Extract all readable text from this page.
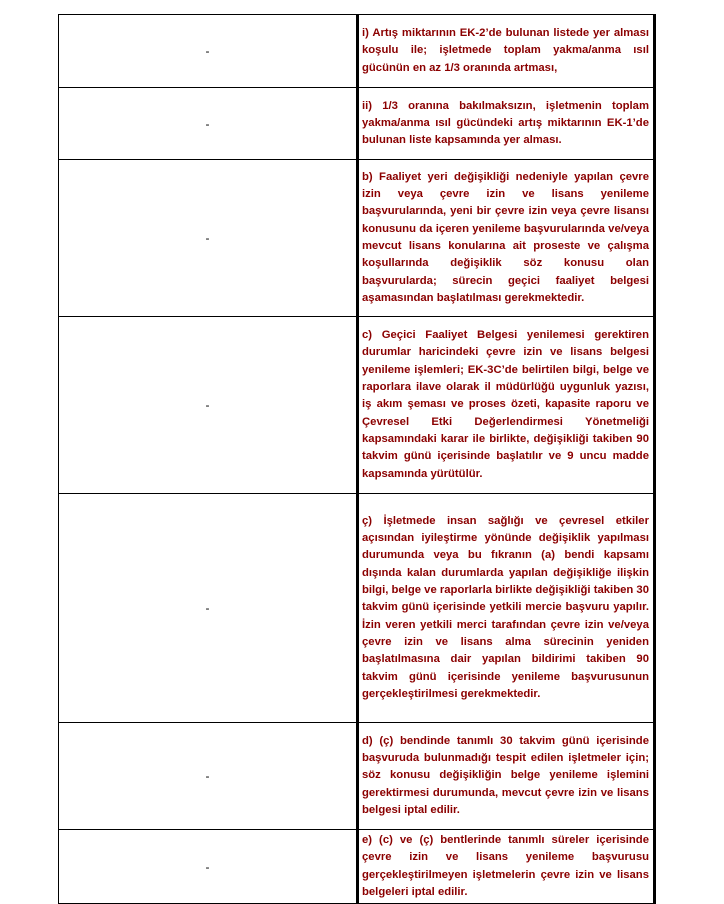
-

i) Artış miktarının EK-2’de bulunan listede yer alması koşulu ile; işletmede toplam yakma/anma ısıl gücünün en az 1/3 oranında artması,

-

ii) 1/3 oranına bakılmaksızın, işletmenin toplam yakma/anma ısıl gücündeki artış miktarının EK-1’de bulunan liste kapsamında yer alması.

-

b) Faaliyet yeri değişikliği nedeniyle yapılan çevre izin veya çevre izin ve lisans yenileme başvurularında, yeni bir çevre izin veya çevre lisansı konusunu da içeren yenileme başvurularında ve/veya mevcut lisans konularına ait proseste ve çalışma koşullarında değişiklik söz konusu olan başvurularda; sürecin geçici faaliyet belgesi aşamasından başlatılması gerekmektedir.

-

c) Geçici Faaliyet Belgesi yenilemesi gerektiren durumlar haricindeki çevre izin ve lisans belgesi yenileme işlemleri; EK-3C’de belirtilen bilgi, belge ve raporlara ilave olarak il müdürlüğü uygunluk yazısı, iş akım şeması ve proses özeti, kapasite raporu ve Çevresel Etki Değerlendirmesi Yönetmeliği kapsamındaki karar ile birlikte, değişikliği takiben 90 takvim günü içerisinde başlatılır ve 9 uncu madde kapsamında yürütülür.

-

ç) İşletmede insan sağlığı ve çevresel etkiler açısından iyileştirme yönünde değişiklik yapılması durumunda veya bu fıkranın (a) bendi kapsamı dışında kalan durumlarda yapılan değişikliğe ilişkin bilgi, belge ve raporlarla birlikte değişikliği takiben 30 takvim günü içerisinde yetkili mercie başvuru yapılır. İzin veren yetkili merci tarafından çevre izin ve/veya çevre izin ve lisans alma sürecinin yeniden başlatılmasına dair yapılan bildirimi takiben 90 takvim günü içerisinde yenileme başvurusunun gerçekleştirilmesi gerekmektedir.

-

d) (ç) bendinde tanımlı 30 takvim günü içerisinde başvuruda bulunmadığı tespit edilen işletmeler için; söz konusu değişikliğin belge yenileme işlemini gerektirmesi durumunda, mevcut çevre izin ve lisans belgesi iptal edilir.

-

e) (c) ve (ç) bentlerinde tanımlı süreler içerisinde çevre izin ve lisans yenileme başvurusu gerçekleştirilmeyen işletmelerin çevre izin ve lisans belgeleri iptal edilir.
